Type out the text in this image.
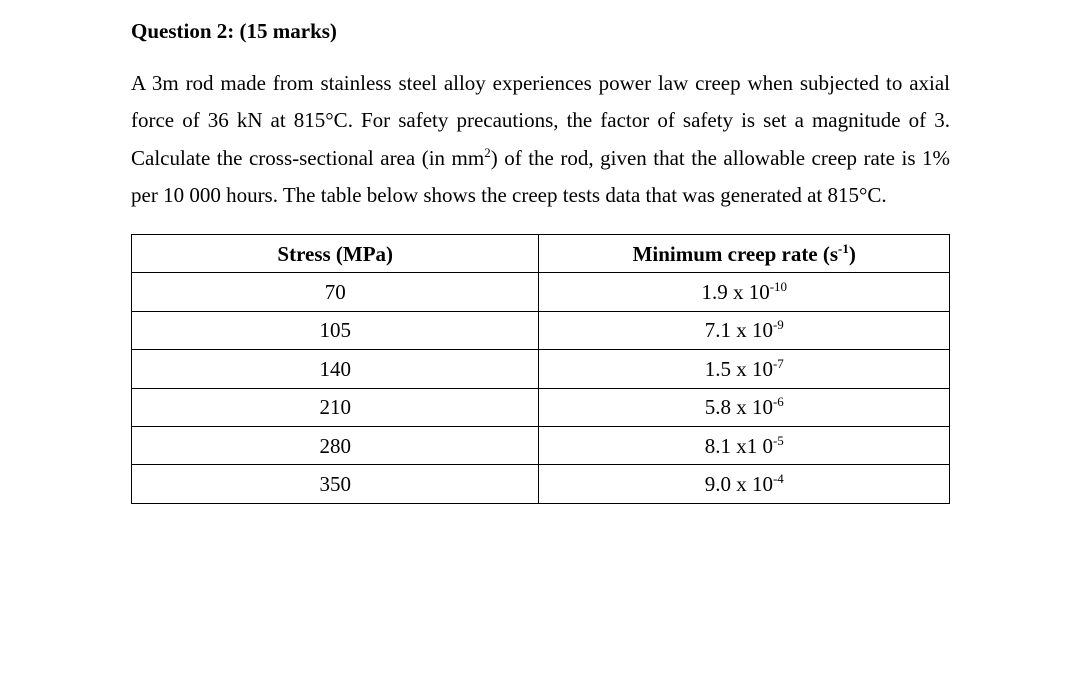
Question 2: (15 marks)
A 3m rod made from stainless steel alloy experiences power law creep when subjected to axial
force of 36 kN at 815°C. For safety precautions, the factor of safety is set a magnitude of 3.
Calculate the cross-sectional area (in $mm^2$) of the rod, given that the allowable creep rate is 1%
per 10 000 hours. The table below shows the creep tests data that was generated at 815°C.
Stress (MPa)	Minimum creep rate $(s^{-1})$
70	1.9 x $10^{-10}$
105	7.1 x $10^{-9}$
140	1.5 x $10^{-7}$
210	5.8 x $10^{-6}$
280	8.1 x1 $0^{-5}$
350	9.0 x $10^{-4}$
